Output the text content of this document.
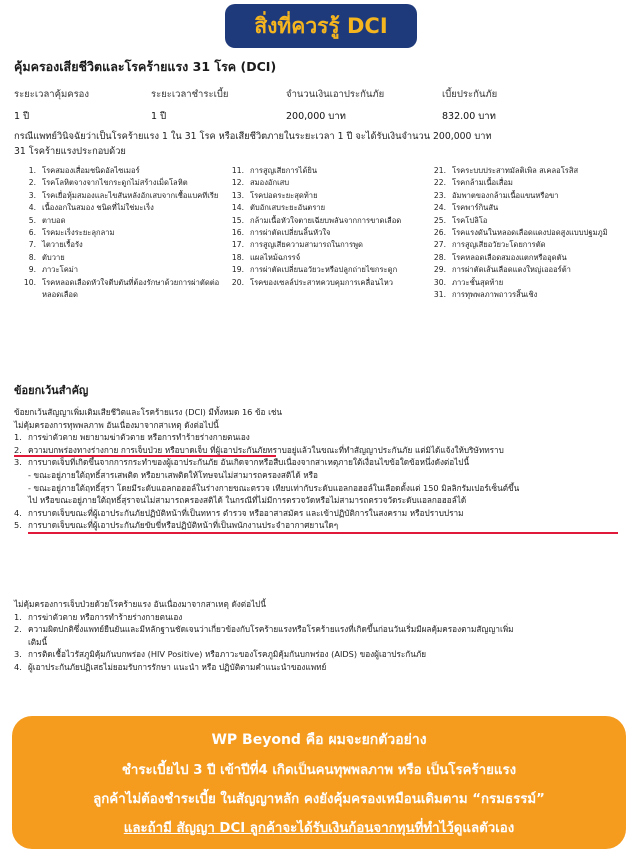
สิ่งที่ควรรู้ DCI
คุ้มครองเสียชีวิตและโรคร้ายแรง 31 โรค (DCI)
ระยะเวลาคุ้มครอง
1 ปี
ระยะเวลาชำระเบี้ย
1 ปี
จำนวนเงินเอาประกันภัย
200,000 บาท
เบี้ยประกันภัย
832.00 บาท
กรณีแพทย์วินิจฉัยว่าเป็นโรคร้ายแรง 1 ใน 31 โรค หรือเสียชีวิตภายในระยะเวลา 1 ปี จะได้รับเงินจำนวน 200,000 บาท
31 โรคร้ายแรงประกอบด้วย
1. โรคสมองเสื่อมชนิดอัลไซเมอร์
2. โรคโลหิตจางจากไขกระดูกไม่สร้างเม็ดโลหิต
3. โรคเยื่อหุ้มสมองและไขสันหลังอักเสบจากเชื้อแบคทีเรีย
4. เนื้องอกในสมอง ชนิดที่ไม่ใช่มะเร็ง
5. ตาบอด
6. โรคมะเร็งระยะลุกลาม
7. ไตวายเรื้อรัง
8. ตับวาย
9. ภาวะโคม่า
10. โรคหลอดเลือดหัวใจตีบตันที่ต้องรักษาด้วยการผ่าตัดต่อหลอดเลือด
11. การสูญเสียการได้ยิน
12. สมองอักเสบ
13. โรคปอดระยะสุดท้าย
14. ตับอักเสบระยะอันตราย
15. กล้ามเนื้อหัวใจตายเฉียบพลันจากการขาดเลือด
16. การผ่าตัดเปลี่ยนลิ้นหัวใจ
17. การสูญเสียความสามารถในการพูด
18. แผลไหม้ฉกรรจ์
19. การผ่าตัดเปลี่ยนอวัยวะหรือปลูกถ่ายไขกระดูก
20. โรคของเซลล์ประสาทควบคุมการเคลื่อนไหว
21. โรคระบบประสาทมัลติเพิล สเคลอโรสิส
22. โรคกล้ามเนื้อเสื่อม
23. อัมพาตของกล้ามเนื้อแขนหรือขา
24. โรคพาร์กินสัน
25. โรคโปลิโอ
26. โรคแรงดันในหลอดเลือดแดงปอดสูงแบบปฐมภูมิ
27. การสูญเสียอวัยวะโดยการตัด
28. โรคหลอดเลือดสมองแตกหรืออุดตัน
29. การผ่าตัดเส้นเลือดแดงใหญ่เอออร์ต้า
30. ภาวะชั้นสุดท้าย
31. การทุพพลภาพถาวรสิ้นเชิง
ข้อยกเว้นสำคัญ
ข้อยกเว้นสัญญาเพิ่มเติมเสียชีวิตและโรคร้ายแรง (DCI) มีทั้งหมด 16 ข้อ เช่น
ไม่คุ้มครองการทุพพลภาพ อันเนื่องมาจากสาเหตุ ดังต่อไปนี้
1. การฆ่าตัวตาย พยายามฆ่าตัวตาย หรือการทำร้ายร่างกายตนเอง
2. ความบกพร่องทางร่างกาย การเจ็บป่วย หรือบาดเจ็บ ที่ผู้เอาประกันภัยทราบอยู่แล้วในขณะที่ทำสัญญาประกันภัย แต่มิได้แจ้งให้บริษัททราบ
3. การบาดเจ็บที่เกิดขึ้นจากการกระทำของผู้เอาประกันภัย อันเกิดจากหรือสืบเนื่องจากสาเหตุภายใต้เงื่อนไขข้อใดข้อหนึ่งดังต่อไปนี้
- ขณะอยู่ภายใต้ฤทธิ์สารเสพติด หรือยาเสพติดให้โทษจนไม่สามารถครองสติได้ หรือ
- ขณะอยู่ภายใต้ฤทธิ์สุรา โดยมีระดับแอลกอฮอล์ในร่างกายขณะตรวจ เทียบเท่ากับระดับแอลกอฮอล์ในเลือดตั้งแต่ 150 มิลลิกรัมเปอร์เซ็นต์ขึ้น
ไป หรือขณะอยู่ภายใต้ฤทธิ์สุราจนไม่สามารถครองสติได้ ในกรณีที่ไม่มีการตรวจวัดหรือไม่สามารถตรวจวัดระดับแอลกอฮอล์ได้
4. การบาดเจ็บขณะที่ผู้เอาประกันภัยปฏิบัติหน้าที่เป็นทหาร ตำรวจ หรืออาสาสมัคร และเข้าปฏิบัติการในสงคราม หรือปราบปราม
5. การบาดเจ็บขณะที่ผู้เอาประกันภัยขับขี่หรือปฏิบัติหน้าที่เป็นพนักงานประจำอากาศยานใดๆ
ไม่คุ้มครองการเจ็บป่วยด้วยโรคร้ายแรง อันเนื่องมาจากสาเหตุ ดังต่อไปนี้
1. การฆ่าตัวตาย หรือการทำร้ายร่างกายตนเอง
2. ความผิดปกติซึ่งแพทย์ยืนยันและมีหลักฐานชัดเจนว่าเกี่ยวข้องกับโรคร้ายแรงหรือโรคร้ายแรงที่เกิดขึ้นก่อนวันเริ่มมีผลคุ้มครองตามสัญญาเพิ่ม
เติมนี้
3. การติดเชื้อไวรัสภูมิคุ้มกันบกพร่อง (HIV Positive) หรือภาวะของโรคภูมิคุ้มกันบกพร่อง (AIDS) ของผู้เอาประกันภัย
4. ผู้เอาประกันภัยปฏิเสธไม่ยอมรับการรักษา แนะนำ หรือ ปฏิบัติตามคำแนะนำของแพทย์
WP Beyond คือ ผมจะยกตัวอย่าง
ชำระเบี้ยไป 3 ปี เข้าปีที่4 เกิดเป็นคนทุพพลภาพ หรือ เป็นโรคร้ายแรง
ลูกค้าไม่ต้องชำระเบี้ย ในสัญญาหลัก คงยังคุ้มครองเหมือนเดิมตาม “กรมธรรม์”
และถ้ามี สัญญา DCI ลูกค้าจะได้รับเงินก้อนจากทุนที่ทำไว้ดูแลตัวเอง
